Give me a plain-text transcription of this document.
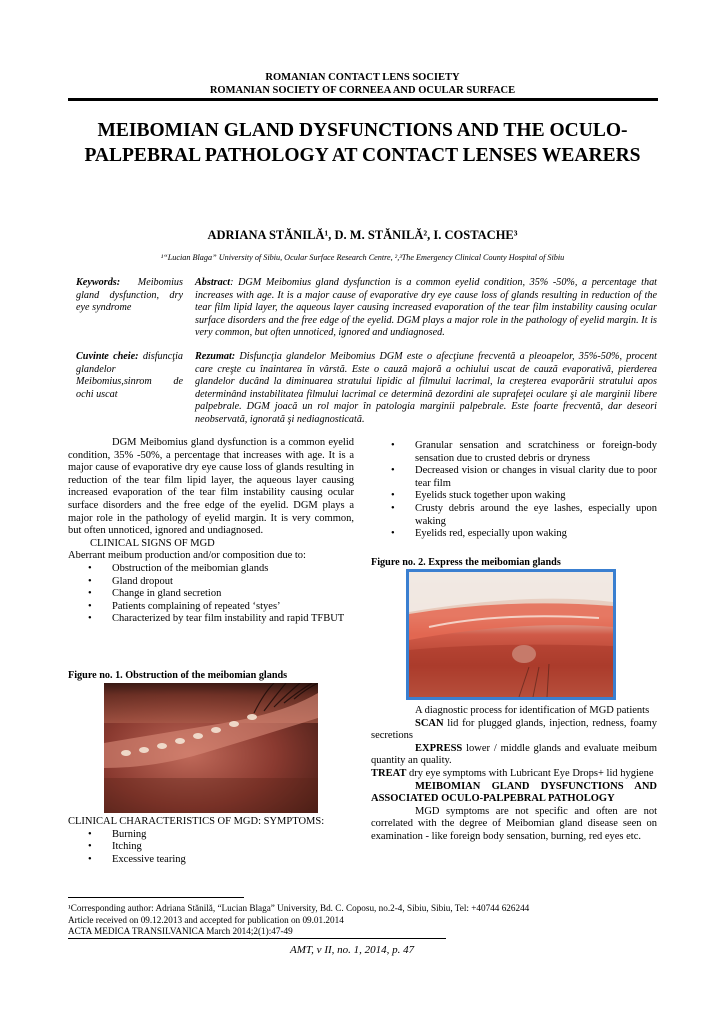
ROMANIAN CONTACT LENS SOCIETY
ROMANIAN SOCIETY OF CORNEEA AND OCULAR SURFACE
MEIBOMIAN GLAND DYSFUNCTIONS AND THE OCULO-
PALPEBRAL PATHOLOGY AT CONTACT LENSES WEARERS
ADRIANA STĂNILĂ¹, D. M. STĂNILĂ², I. COSTACHE³
¹“Lucian Blaga” University of Sibiu, Ocular Surface Research Centre, ²,³The Emergency Clinical County Hospital of Sibiu
Keywords: Meibomius gland dysfunction, dry eye syndrome
Abstract: DGM Meibomius gland dysfunction is a common eyelid condition, 35% -50%, a percentage that increases with age. It is a major cause of evaporative dry eye cause loss of glands resulting in reduction of the tear film lipid layer, the aqueous layer causing increased evaporation of the tear film instability causing ocular surface disorders and the free edge of the eyelid. DGM plays a major role in the pathology of eyelid margin. It is very common, but often unnoticed, ignored and undiagnosed.
Cuvinte cheie: disfuncţia glandelor Meibomius,sinrom de ochi uscat
Rezumat: Disfuncţia glandelor Meibomius DGM este o afecţiune frecventă a pleoapelor, 35%-50%, procent care creşte cu înaintarea în vârstă. Este o cauză majoră a ochiului uscat de cauză evaporativă, pierderea glandelor ducând la diminuarea stratului lipidic al filmului lacrimal, la creşterea evaporării stratului apos determinând instabilitatea filmului lacrimal ce determină dezordini ale suprafeţei oculare şi ale marginii libere palpebrale. DGM joacă un rol major în patologia marginii palpebrale. Este foarte frecventă, dar deseori neobservată, ignorată şi nediagnosticată.

DGM Meibomius gland dysfunction is a common eyelid condition, 35% -50%, a percentage that increases with age. It is a major cause of evaporative dry eye cause loss of glands resulting in reduction of the tear film lipid layer, the aqueous layer causing increased evaporation of the tear film instability causing ocular surface disorders and the free edge of the eyelid. DGM plays a major role in the pathology of eyelid margin. It is very common, but often unnoticed, ignored and undiagnosed.

CLINICAL SIGNS OF MGD

Aberrant meibum production and/or composition due to:

• Obstruction of the meibomian glands
• Gland dropout
• Change in gland secretion
• Patients complaining of repeated ‘styes’
• Characterized by tear film instability and rapid TFBUT
Figure no. 1. Obstruction of the meibomian glands

CLINICAL CHARACTERISTICS OF MGD: SYMPTOMS:

• Burning
• Itching
• Excessive tearing
• Granular sensation and scratchiness or foreign-body sensation due to crusted debris or dryness
• Decreased vision or changes in visual clarity due to poor tear film
• Eyelids stuck together upon waking
• Crusty debris around the eye lashes, especially upon waking
• Eyelids red, especially upon waking
Figure no. 2. Express the meibomian glands

A diagnostic process for identification of MGD patients

SCAN lid for plugged glands, injection, redness, foamy secretions

EXPRESS lower / middle glands and evaluate meibum quantity an quality.

TREAT dry eye symptoms with Lubricant Eye Drops+ lid hygiene

MEIBOMIAN GLAND DYSFUNCTIONS AND ASSOCIATED OCULO-PALPEBRAL PATHOLOGY

MGD symptoms are not specific and often are not correlated with the degree of Meibomian gland disease seen on examination - like foreign body sensation, burning, red eyes etc.

¹Corresponding author: Adriana Stănilă, “Lucian Blaga” University, Bd. C. Coposu, no.2-4, Sibiu, Sibiu, Tel: +40744 626244
Article received on 09.12.2013 and accepted for publication on 09.01.2014
ACTA MEDICA TRANSILVANICA March 2014;2(1):47-49
AMT, v II, no. 1, 2014, p. 47
